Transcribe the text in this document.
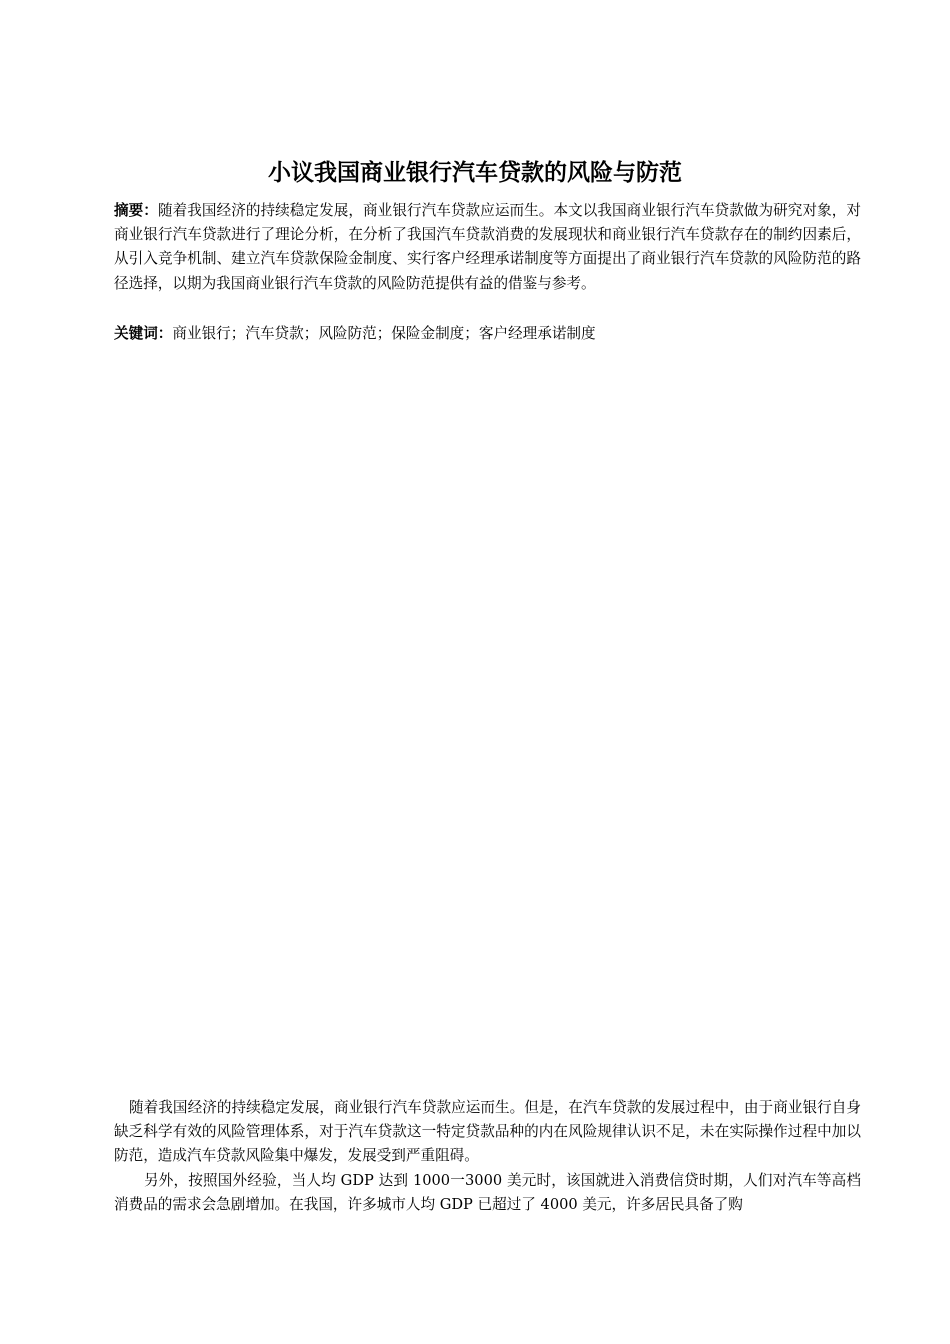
小议我国商业银行汽车贷款的风险与防范

摘要：随着我国经济的持续稳定发展，商业银行汽车贷款应运而生。本文以我国商业银行汽车贷款做为研究对象，对商业银行汽车贷款进行了理论分析，在分析了我国汽车贷款消费的发展现状和商业银行汽车贷款存在的制约因素后，从引入竞争机制、建立汽车贷款保险金制度、实行客户经理承诺制度等方面提出了商业银行汽车贷款的风险防范的路径选择，以期为我国商业银行汽车贷款的风险防范提供有益的借鉴与参考。

关键词：商业银行；汽车贷款；风险防范；保险金制度；客户经理承诺制度

随着我国经济的持续稳定发展，商业银行汽车贷款应运而生。但是，在汽车贷款的发展过程中，由于商业银行自身缺乏科学有效的风险管理体系，对于汽车贷款这一特定贷款品种的内在风险规律认识不足，未在实际操作过程中加以防范，造成汽车贷款风险集中爆发，发展受到严重阻碍。

另外，按照国外经验，当人均 GDP 达到 1000一3000 美元时，该国就进入消费信贷时期，人们对汽车等高档消费品的需求会急剧增加。在我国，许多城市人均 GDP 已超过了 4000 美元，许多居民具备了购
